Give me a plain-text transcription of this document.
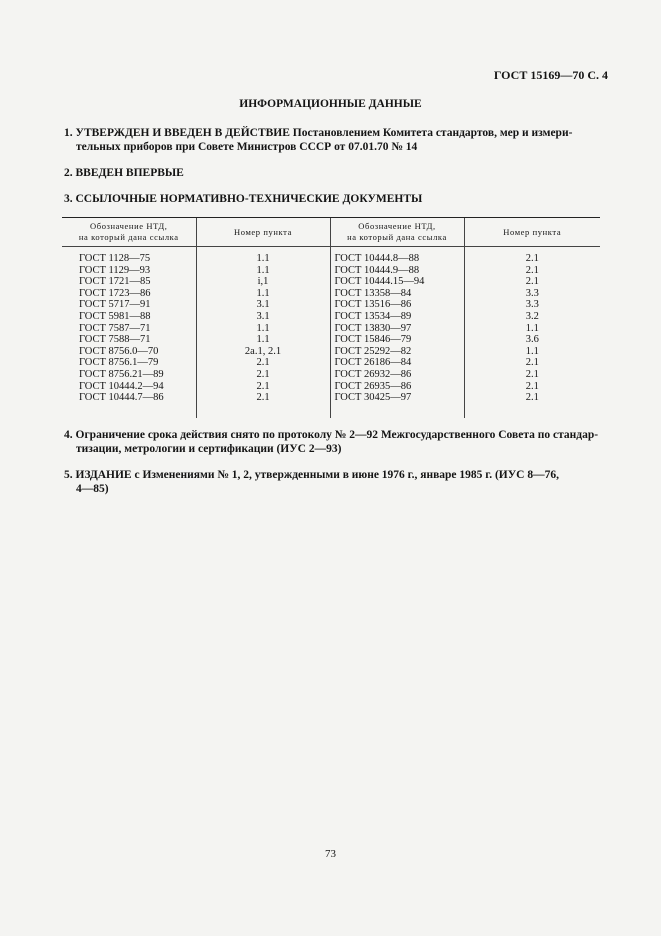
ГОСТ 15169—70 С. 4
ИНФОРМАЦИОННЫЕ ДАННЫЕ
1. УТВЕРЖДЕН И ВВЕДЕН В ДЕЙСТВИЕ Постановлением Комитета стандартов, мер и измери-
тельных приборов при Совете Министров СССР от 07.01.70 № 14
2. ВВЕДЕН ВПЕРВЫЕ
3. ССЫЛОЧНЫЕ НОРМАТИВНО-ТЕХНИЧЕСКИЕ ДОКУМЕНТЫ
Обозначение НТД,
на который дана ссылка	Номер пункта	Обозначение НТД,
на который дана ссылка	Номер пункта
ГОСТ 1128—75	1.1	ГОСТ 10444.8—88	2.1
ГОСТ 1129—93	1.1	ГОСТ 10444.9—88	2.1
ГОСТ 1721—85	i,1	ГОСТ 10444.15—94	2.1
ГОСТ 1723—86	1.1	ГОСТ 13358—84	3.3
ГОСТ 5717—91	3.1	ГОСТ 13516—86	3.3
ГОСТ 5981—88	3.1	ГОСТ 13534—89	3.2
ГОСТ 7587—71	1.1	ГОСТ 13830—97	1.1
ГОСТ 7588—71	1.1	ГОСТ 15846—79	3.6
ГОСТ 8756.0—70	2а.1, 2.1	ГОСТ 25292—82	1.1
ГОСТ 8756.1—79	2.1	ГОСТ 26186—84	2.1
ГОСТ 8756.21—89	2.1	ГОСТ 26932—86	2.1
ГОСТ 10444.2—94	2.1	ГОСТ 26935—86	2.1
ГОСТ 10444.7—86	2.1	ГОСТ 30425—97	2.1
4. Ограничение срока действия снято по протоколу № 2—92 Межгосударственного Совета по стандар-
тизации, метрологии и сертификации (ИУС 2—93)
5. ИЗДАНИЕ с Изменениями № 1, 2, утвержденными в июне 1976 г., январе 1985 г. (ИУС 8—76,
4—85)
73
